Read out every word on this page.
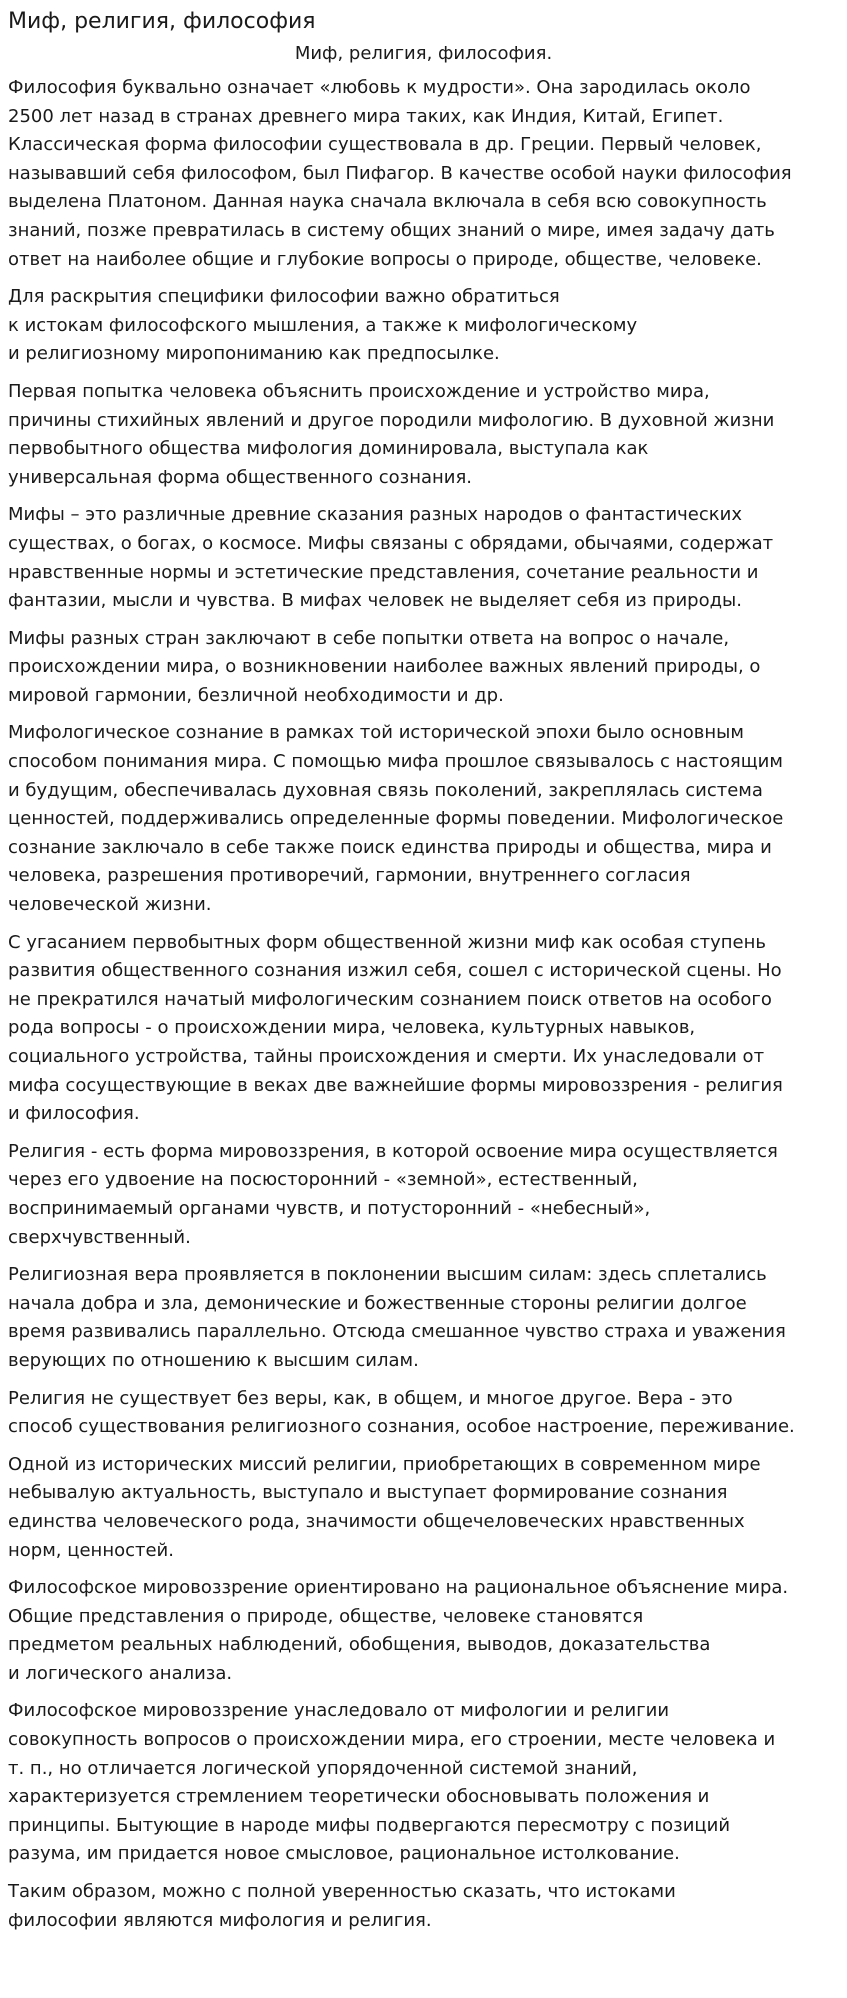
Миф, религия, философия
Миф, религия, философия.

Философия буквально означает «любовь к мудрости». Она зародилась около
2500 лет назад в странах древнего мира таких, как Индия, Китай, Египет.
Классическая форма философии существовала в др. Греции. Первый человек,
называвший себя философом, был Пифагор. В качестве особой науки философия
выделена Платоном. Данная наука сначала включала в себя всю совокупность
знаний, позже превратилась в систему общих знаний о мире, имея задачу дать
ответ на наиболее общие и глубокие вопросы о природе, обществе, человеке.

Для раскрытия специфики философии важно обратиться
к истокам философского мышления, а также к мифологическому
и религиозному миропониманию как предпосылке.

Первая попытка человека объяснить происхождение и устройство мира,
причины стихийных явлений и другое породили мифологию. В духовной жизни
первобытного общества мифология доминировала, выступала как
универсальная форма общественного сознания.

Мифы – это различные древние сказания разных народов о фантастических
существах, о богах, о космосе. Мифы связаны с обрядами, обычаями, содержат
нравственные нормы и эстетические представления, сочетание реальности и
фантазии, мысли и чувства. В мифах человек не выделяет себя из природы.

Мифы разных стран заключают в себе попытки ответа на вопрос о начале,
происхождении мира, о возникновении наиболее важных явлений природы, о
мировой гармонии, безличной необходимости и др.

Мифологическое сознание в рамках той исторической эпохи было основным
способом понимания мира. С помощью мифа прошлое связывалось с настоящим
и будущим, обеспечивалась духовная связь поколений, закреплялась система
ценностей, поддерживались определенные формы поведении. Мифологическое
сознание заключало в себе также поиск единства природы и общества, мира и
человека, разрешения противоречий, гармонии, внутреннего согласия
человеческой жизни.

С угасанием первобытных форм общественной жизни миф как особая ступень
развития общественного сознания изжил себя, сошел с исторической сцены. Но
не прекратился начатый мифологическим сознанием поиск ответов на особого
рода вопросы - о происхождении мира, человека, культурных навыков,
социального устройства, тайны происхождения и смерти. Их унаследовали от
мифа сосуществующие в веках две важнейшие формы мировоззрения - религия
и философия.

Религия - есть форма мировоззрения, в которой освоение мира осуществляется
через его удвоение на посюсторонний - «земной», естественный,
воспринимаемый органами чувств, и потусторонний - «небесный»,
сверхчувственный.

Религиозная вера проявляется в поклонении высшим силам: здесь сплетались
начала добра и зла, демонические и божественные стороны религии долгое
время развивались параллельно. Отсюда смешанное чувство страха и уважения
верующих по отношению к высшим силам.

Религия не существует без веры, как, в общем, и многое другое. Вера - это
способ существования религиозного сознания, особое настроение, переживание.

Одной из исторических миссий религии, приобретающих в современном мире
небывалую актуальность, выступало и выступает формирование сознания
единства человеческого рода, значимости общечеловеческих нравственных
норм, ценностей.

Философское мировоззрение ориентировано на рациональное объяснение мира.
Общие представления о природе, обществе, человеке становятся
предметом реальных наблюдений, обобщения, выводов, доказательства
и логического анализа.

Философское мировоззрение унаследовало от мифологии и религии
совокупность вопросов о происхождении мира, его строении, месте человека и
т. п., но отличается логической упорядоченной системой знаний,
характеризуется стремлением теоретически обосновывать положения и
принципы. Бытующие в народе мифы подвергаются пересмотру с позиций
разума, им придается новое смысловое, рациональное истолкование.

Таким образом, можно с полной уверенностью сказать, что истоками
философии являются мифология и религия.
